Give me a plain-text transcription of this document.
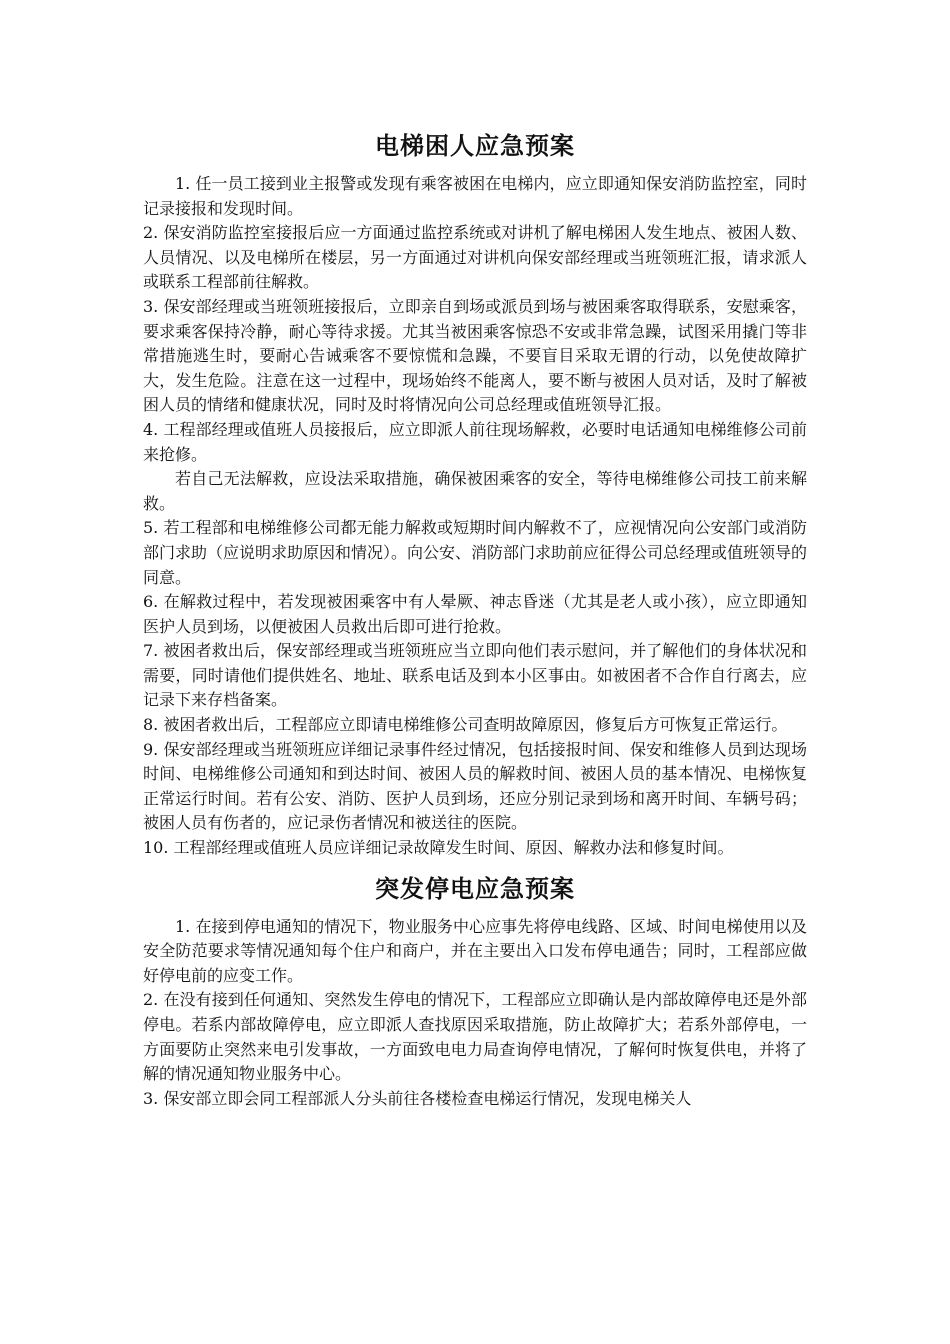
电梯困人应急预案

1. 任一员工接到业主报警或发现有乘客被困在电梯内，应立即通知保安消防监控室，同时记录接报和发现时间。

2. 保安消防监控室接报后应一方面通过监控系统或对讲机了解电梯困人发生地点、被困人数、人员情况、以及电梯所在楼层，另一方面通过对讲机向保安部经理或当班领班汇报，请求派人或联系工程部前往解救。

3. 保安部经理或当班领班接报后，立即亲自到场或派员到场与被困乘客取得联系，安慰乘客，要求乘客保持冷静，耐心等待求援。尤其当被困乘客惊恐不安或非常急躁，试图采用撬门等非常措施逃生时，要耐心告诫乘客不要惊慌和急躁，不要盲目采取无谓的行动，以免使故障扩大，发生危险。注意在这一过程中，现场始终不能离人，要不断与被困人员对话，及时了解被困人员的情绪和健康状况，同时及时将情况向公司总经理或值班领导汇报。

4. 工程部经理或值班人员接报后，应立即派人前往现场解救，必要时电话通知电梯维修公司前来抢修。

若自己无法解救，应设法采取措施，确保被困乘客的安全，等待电梯维修公司技工前来解救。

5. 若工程部和电梯维修公司都无能力解救或短期时间内解救不了，应视情况向公安部门或消防部门求助（应说明求助原因和情况）。向公安、消防部门求助前应征得公司总经理或值班领导的同意。

6. 在解救过程中，若发现被困乘客中有人晕厥、神志昏迷（尤其是老人或小孩），应立即通知医护人员到场，以便被困人员救出后即可进行抢救。

7. 被困者救出后，保安部经理或当班领班应当立即向他们表示慰问，并了解他们的身体状况和需要，同时请他们提供姓名、地址、联系电话及到本小区事由。如被困者不合作自行离去，应记录下来存档备案。

8. 被困者救出后，工程部应立即请电梯维修公司查明故障原因，修复后方可恢复正常运行。

9. 保安部经理或当班领班应详细记录事件经过情况，包括接报时间、保安和维修人员到达现场时间、电梯维修公司通知和到达时间、被困人员的解救时间、被困人员的基本情况、电梯恢复正常运行时间。若有公安、消防、医护人员到场，还应分别记录到场和离开时间、车辆号码；被困人员有伤者的，应记录伤者情况和被送往的医院。

10. 工程部经理或值班人员应详细记录故障发生时间、原因、解救办法和修复时间。

突发停电应急预案

1. 在接到停电通知的情况下，物业服务中心应事先将停电线路、区域、时间电梯使用以及安全防范要求等情况通知每个住户和商户，并在主要出入口发布停电通告；同时，工程部应做好停电前的应变工作。

2. 在没有接到任何通知、突然发生停电的情况下，工程部应立即确认是内部故障停电还是外部停电。若系内部故障停电，应立即派人查找原因采取措施，防止故障扩大；若系外部停电，一方面要防止突然来电引发事故，一方面致电电力局查询停电情况，了解何时恢复供电，并将了解的情况通知物业服务中心。

3. 保安部立即会同工程部派人分头前往各楼检查电梯运行情况，发现电梯关人
